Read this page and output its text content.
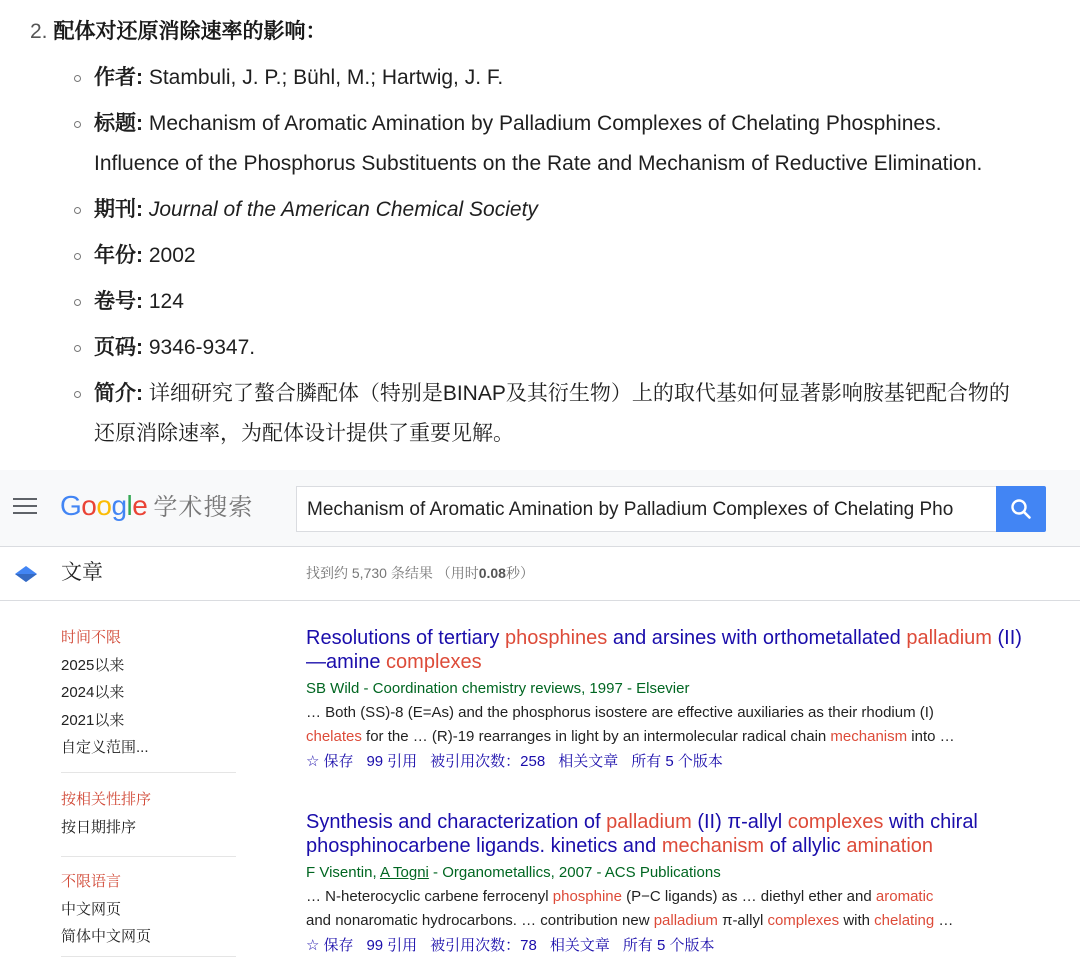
2. 配体对还原消除速率的影响：
作者: Stambuli, J. P.; Bühl, M.; Hartwig, J. F.
标题: Mechanism of Aromatic Amination by Palladium Complexes of Chelating Phosphines.
Influence of the Phosphorus Substituents on the Rate and Mechanism of Reductive Elimination.
期刊: Journal of the American Chemical Society
年份: 2002
卷号: 124
页码: 9346-9347.
简介: 详细研究了螯合膦配体（特别是BINAP及其衍生物）上的取代基如何显著影响胺基钯配合物的
还原消除速率，为配体设计提供了重要见解。
Google 学术搜索	Mechanism of Aromatic Amination by Palladium Complexes of Chelating Pho
文章	找到约 5,730 条结果 （用时0.08秒）
时间不限
2025以来
2024以来
2021以来
自定义范围...
按相关性排序
按日期排序
不限语言
中文网页
简体中文网页
Resolutions of tertiary phosphines and arsines with orthometallated palladium (II)
—amine complexes
SB Wild - Coordination chemistry reviews, 1997 - Elsevier
… Both (SS)-8 (E=As) and the phosphorus isostere are effective auxiliaries as their rhodium (I)
chelates for the … (R)-19 rearranges in light by an intermolecular radical chain mechanism into …
☆ 保存 99 引用 被引用次数：258 相关文章 所有 5 个版本
Synthesis and characterization of palladium (II) π-allyl complexes with chiral
phosphinocarbene ligands. kinetics and mechanism of allylic amination
F Visentin, A Togni - Organometallics, 2007 - ACS Publications
… N-heterocyclic carbene ferrocenyl phosphine (P−C ligands) as … diethyl ether and aromatic
and nonaromatic hydrocarbons. … contribution new palladium π-allyl complexes with chelating …
☆ 保存 99 引用 被引用次数：78 相关文章 所有 5 个版本
